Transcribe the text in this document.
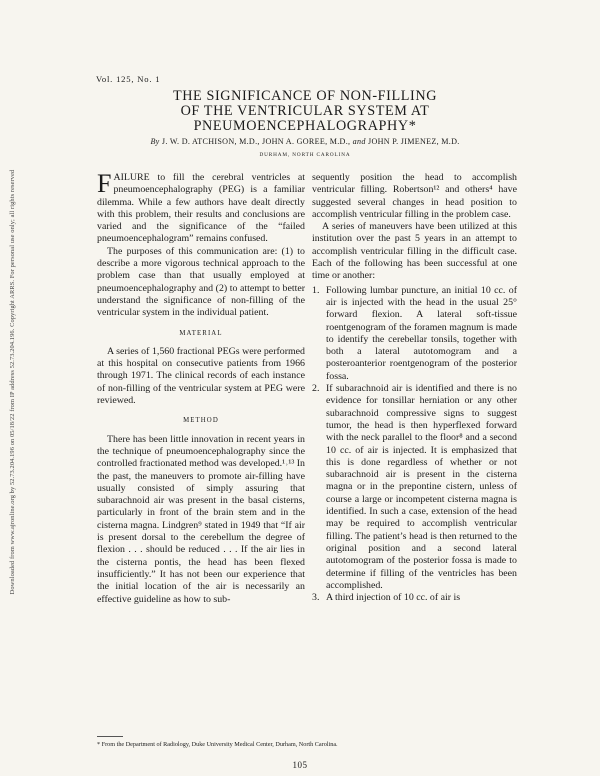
Downloaded from www.ajronline.org by 52.73.204.196 on 05/18/22 from IP address 52.73.204.196. Copyright ARRS. For personal use only; all rights reserved
Vol. 125, No. 1
THE SIGNIFICANCE OF NON-FILLING
OF THE VENTRICULAR SYSTEM AT
PNEUMOENCEPHALOGRAPHY*
By J. W. D. ATCHISON, M.D., JOHN A. GOREE, M.D., and JOHN P. JIMENEZ, M.D.
DURHAM, NORTH CAROLINA

FAILURE to fill the cerebral ventricles at pneumoencephalography (PEG) is a familiar dilemma. While a few authors have dealt directly with this problem, their results and conclusions are varied and the significance of the “failed pneumoencephalogram” remains confused.

The purposes of this communication are: (1) to describe a more vigorous technical approach to the problem case than that usually employed at pneumoencephalography and (2) to attempt to better understand the significance of non-filling of the ventricular system in the individual patient.

MATERIAL

A series of 1,560 fractional PEGs were performed at this hospital on consecutive patients from 1966 through 1971. The clinical records of each instance of non-filling of the ventricular system at PEG were reviewed.

METHOD

There has been little innovation in recent years in the technique of pneumoencephalography since the controlled fractionated method was developed.¹˒¹³ In the past, the maneuvers to promote air-filling have usually consisted of simply assuring that subarachnoid air was present in the basal cisterns, particularly in front of the brain stem and in the cisterna magna. Lindgren⁹ stated in 1949 that “If air is present dorsal to the cerebellum the degree of flexion . . . should be reduced . . . If the air lies in the cisterna pontis, the head has been flexed insufficiently.” It has not been our experience that the initial location of the air is necessarily an effective guideline as how to sub-

sequently position the head to accomplish ventricular filling. Robertson¹² and others⁴ have suggested several changes in head position to accomplish ventricular filling in the problem case.

A series of maneuvers have been utilized at this institution over the past 5 years in an attempt to accomplish ventricular filling in the difficult case. Each of the following has been successful at one time or another:

1. Following lumbar puncture, an initial 10 cc. of air is injected with the head in the usual 25° forward flexion. A lateral soft-tissue roentgenogram of the foramen magnum is made to identify the cerebellar tonsils, together with both a lateral autotomogram and a posteroanterior roentgenogram of the posterior fossa.
2. If subarachnoid air is identified and there is no evidence for tonsillar herniation or any other subarachnoid compressive signs to suggest tumor, the head is then hyperflexed forward with the neck parallel to the floor⁸ and a second 10 cc. of air is injected. It is emphasized that this is done regardless of whether or not subarachnoid air is present in the cisterna magna or in the prepontine cistern, unless of course a large or incompetent cisterna magna is identified. In such a case, extension of the head may be required to accomplish ventricular filling. The patient’s head is then returned to the original position and a second lateral autotomogram of the posterior fossa is made to determine if filling of the ventricles has been accomplished.
3. A third injection of 10 cc. of air is
* From the Department of Radiology, Duke University Medical Center, Durham, North Carolina.
105
